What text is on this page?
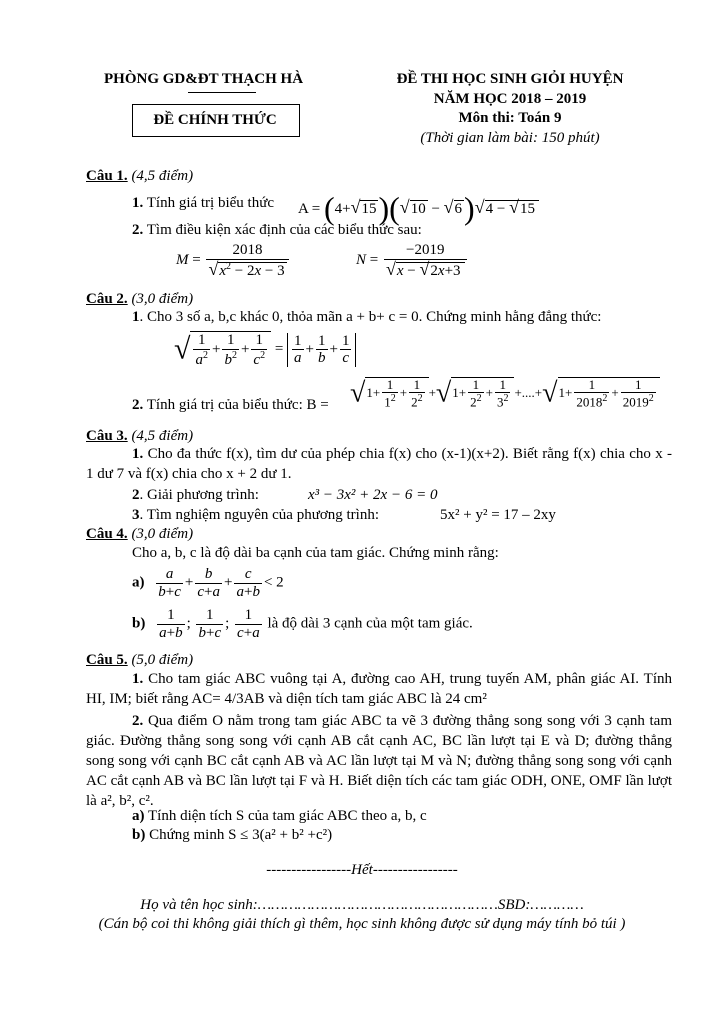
PHÒNG GD&ĐT THẠCH HÀ
ĐỀ CHÍNH THỨC
ĐỀ THI HỌC SINH GIỎI HUYỆN
NĂM HỌC 2018 – 2019
Môn thi: Toán 9
(Thời gian làm bài: 150 phút)
Câu 1. (4,5 điểm)
1. Tính giá trị biểu thức A = (4+√15)(√10 − √6)√4 − √15
2. Tìm điều kiện xác định của các biểu thức sau:
$M = \frac{2018}{√x^2 - 2x - 3}$	$N = \frac{-2019}{√x - √2x+3}$
Câu 2. (3,0 điểm)
1. Cho 3 số a, b,c khác 0, thỏa mãn a + b+ c = 0. Chứng minh hằng đẳng thức:
√ $\frac{1}{a^2} + \frac{1}{b^2} + \frac{1}{c^2} = \frac{1}{a} + \frac{1}{b} + \frac{1}{c}$
2. Tính giá trị của biểu thức: $B = √1+ \frac{1}{1^2} + \frac{1}{2^2} +√1+ \frac{1}{2^2} + \frac{1}{3^2} +....+√1+ \frac{1}{2018^2} + \frac{1}{2019^2}$
Câu 3. (4,5 điểm)
1. Cho đa thức f(x), tìm dư của phép chia f(x) cho (x-1)(x+2). Biết rằng f(x) chia cho x - 1 dư 7 và f(x) chia cho x + 2 dư 1.
2. Giải phương trình:	x³ − 3x² + 2x − 6 = 0
3. Tìm nghiệm nguyên của phương trình:	5x² + y² = 17 – 2xy
Câu 4. (3,0 điểm)
Cho a, b, c là độ dài ba cạnh của tam giác. Chứng minh rằng:
$a) \frac{a}{b+c} + \frac{b}{c+a} + \frac{c}{a+b} < 2$
$b) \frac{1}{a+b}$ ; $\frac{1}{b+c}$ ; $\frac{1}{c+a}$ là độ dài 3 cạnh của một tam giác.
Câu 5. (5,0 điểm)
1. Cho tam giác ABC vuông tại A, đường cao AH, trung tuyến AM, phân giác AI. Tính HI, IM; biết rằng AC= 4/3AB và diện tích tam giác ABC là 24 cm²
2. Qua điểm O nằm trong tam giác ABC ta vẽ 3 đường thẳng song song với 3 cạnh tam giác. Đường thẳng song song với cạnh AB cắt cạnh AC, BC lần lượt tại E và D; đường thẳng song song với cạnh BC cắt cạnh AB và AC lần lượt tại M và N; đường thẳng song song với cạnh AC cắt cạnh AB và BC lần lượt tại F và H. Biết diện tích các tam giác ODH, ONE, OMF lần lượt là a², b², c².
a) Tính diện tích S của tam giác ABC theo a, b, c
b) Chứng minh S ≤ 3(a² + b² +c²)
-----------------Hết-----------------
Họ và tên học sinh:………………………………………………SBD:…………
(Cán bộ coi thi không giải thích gì thêm, học sinh không được sử dụng máy tính bỏ túi )
